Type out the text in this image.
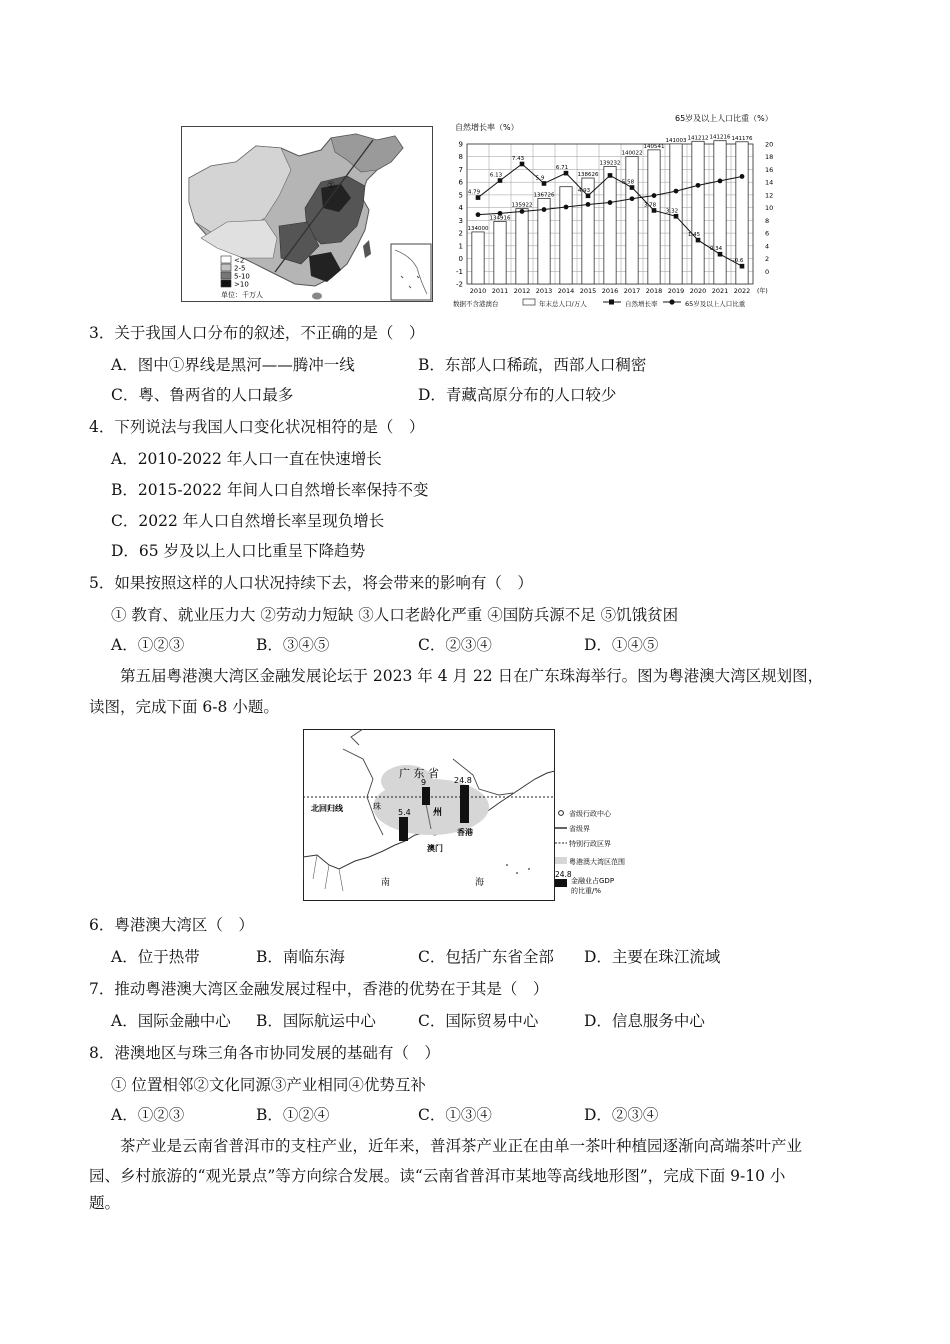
①
<2
2-5
5-10
>10
单位：千万人
自然增长率（%）
65岁及以上人口比重（%）
9
8
7
6
5
4
3
2
1
0
-1
-2
20
18
16
14
12
10
8
6
4
2
0
134000
134916
135922
136726
138626
139232
140022
140541
141003 141212 141216 141176
4.79
6.13
7.43
5.9
6.71
4.93
5.58
3.78
3.32
1.45
0.34
-0.6
2010 2011 2012 2013 2014 2015 2016 2017 2018 2019 2020 2021 2022 (年)
数据不含港澳台	年末总人口/万人	自然增长率	65岁及以上人口比重
3．关于我国人口分布的叙述，不正确的是（　）
A．图中①界线是黑河——腾冲一线	B．东部人口稀疏，西部人口稠密
C．粤、鲁两省的人口最多	D．青藏高原分布的人口较少
4．下列说法与我国人口变化状况相符的是（　）
A．2010-2022 年人口一直在快速增长
B．2015-2022 年间人口自然增长率保持不变
C．2022 年人口自然增长率呈现负增长
D．65 岁及以上人口比重呈下降趋势
5．如果按照这样的人口状况持续下去，将会带来的影响有（　）
① 教育、就业压力大 ②劳动力短缺 ③人口老龄化严重 ④国防兵源不足 ⑤饥饿贫困
A．①②③	B．③④⑤	C．②③④	D．①④⑤
第五届粤港澳大湾区金融发展论坛于 2023 年 4 月 22 日在广东珠海举行。图为粤港澳大湾区规划图，
读图，完成下面 6-8 小题。
北回归线
广 东 省
9	24.8
5.4 州
珠
香港
澳门
南	海
省级行政中心
省级界
特别行政区界
粤港澳大湾区范围
24.8
金融业占GDP
的比重/%
6．粤港澳大湾区（　）
A．位于热带	B．南临东海	C．包括广东省全部 D．主要在珠江流域
7．推动粤港澳大湾区金融发展过程中，香港的优势在于其是（　）
A．国际金融中心 B．国际航运中心	C．国际贸易中心	D．信息服务中心
8．港澳地区与珠三角各市协同发展的基础有（　）
① 位置相邻②文化同源③产业相同④优势互补
A．①②③	B．①②④	C．①③④	D．②③④
茶产业是云南省普洱市的支柱产业，近年来，普洱茶产业正在由单一茶叶种植园逐渐向高端茶叶产业
园、乡村旅游的“观光景点”等方向综合发展。读“云南省普洱市某地等高线地形图”，完成下面 9-10 小
题。
